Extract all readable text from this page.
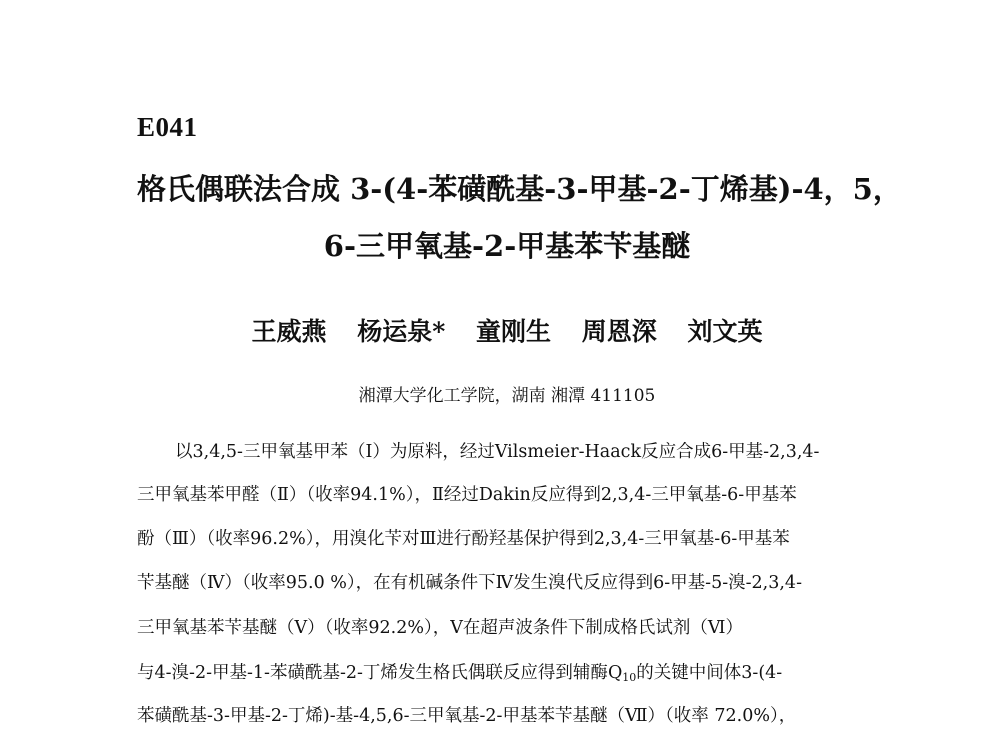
E041
格氏偶联法合成 3-(4-苯磺酰基-3-甲基-2-丁烯基)-4，5，
6-三甲氧基-2-甲基苯苄基醚
王威燕 杨运泉* 童刚生 周恩深 刘文英
湘潭大学化工学院，湖南 湘潭 411105
以3,4,5-三甲氧基甲苯（Ⅰ）为原料，经过Vilsmeier-Haack反应合成6-甲基-2,3,4-
三甲氧基苯甲醛（Ⅱ）（收率94.1%），Ⅱ经过Dakin反应得到2,3,4-三甲氧基-6-甲基苯
酚（Ⅲ）（收率96.2%），用溴化苄对Ⅲ进行酚羟基保护得到2,3,4-三甲氧基-6-甲基苯
苄基醚（Ⅳ）（收率95.0 %），在有机碱条件下Ⅳ发生溴代反应得到6-甲基-5-溴-2,3,4-
三甲氧基苯苄基醚（Ⅴ）（收率92.2%），Ⅴ在超声波条件下制成格氏试剂（Ⅵ）
与4-溴-2-甲基-1-苯磺酰基-2-丁烯发生格氏偶联反应得到辅酶$Q_{10}$的关键中间体3-(4-
苯磺酰基-3-甲基-2-丁烯)-基-4,5,6-三甲氧基-2-甲基苯苄基醚（Ⅶ）（收率 72.0%），
